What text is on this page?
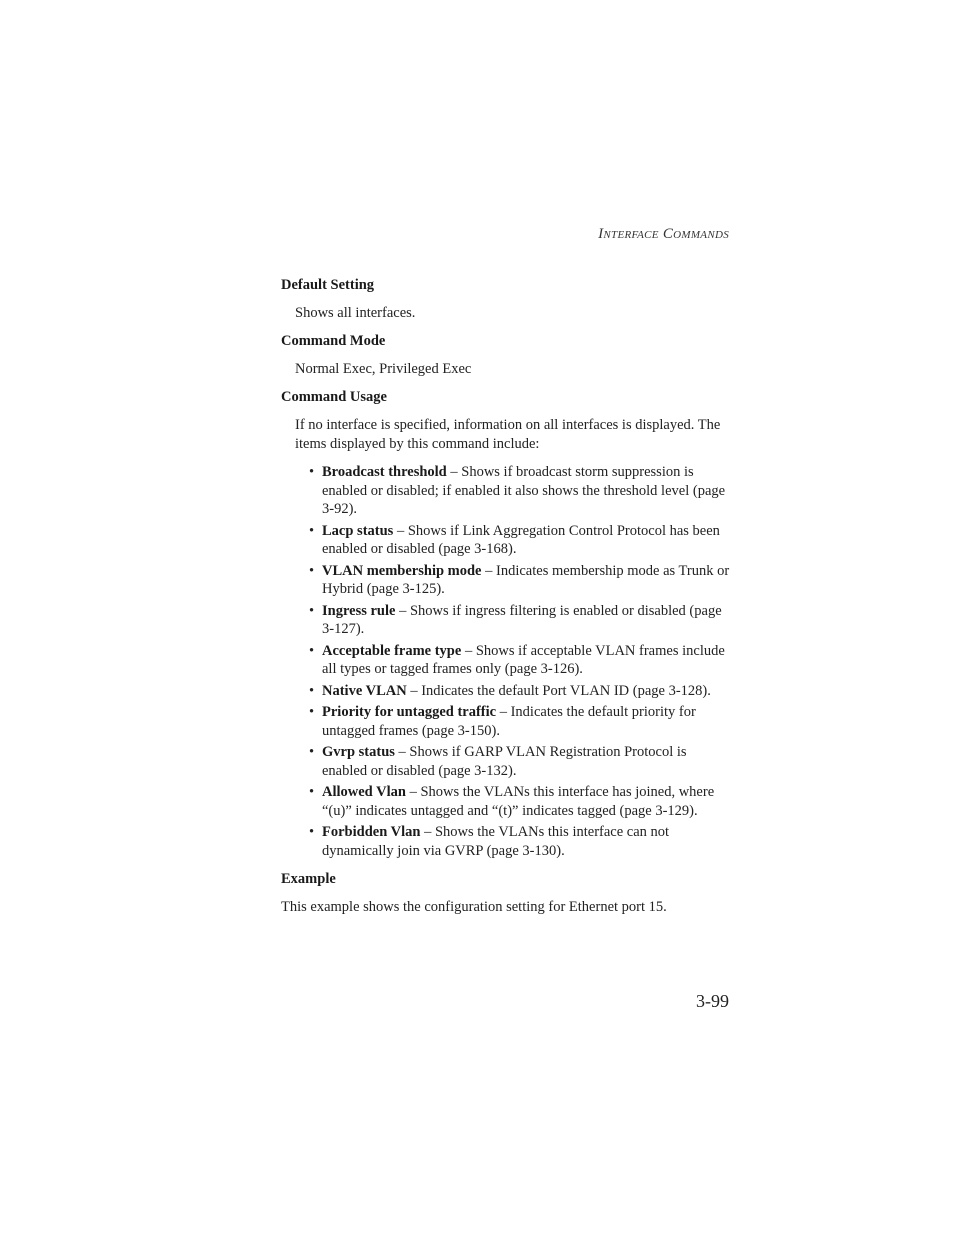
Interface Commands
Default Setting
Shows all interfaces.
Command Mode
Normal Exec, Privileged Exec
Command Usage
If no interface is specified, information on all interfaces is displayed. The items displayed by this command include:
• Broadcast threshold – Shows if broadcast storm suppression is enabled or disabled; if enabled it also shows the threshold level (page 3-92).
• Lacp status – Shows if Link Aggregation Control Protocol has been enabled or disabled (page 3-168).
• VLAN membership mode – Indicates membership mode as Trunk or Hybrid (page 3-125).
• Ingress rule – Shows if ingress filtering is enabled or disabled (page 3-127).
• Acceptable frame type – Shows if acceptable VLAN frames include all types or tagged frames only (page 3-126).
• Native VLAN – Indicates the default Port VLAN ID (page 3-128).
• Priority for untagged traffic – Indicates the default priority for untagged frames (page 3-150).
• Gvrp status – Shows if GARP VLAN Registration Protocol is enabled or disabled (page 3-132).
• Allowed Vlan – Shows the VLANs this interface has joined, where “(u)” indicates untagged and “(t)” indicates tagged (page 3-129).
• Forbidden Vlan – Shows the VLANs this interface can not dynamically join via GVRP (page 3-130).
Example
This example shows the configuration setting for Ethernet port 15.
3-99
